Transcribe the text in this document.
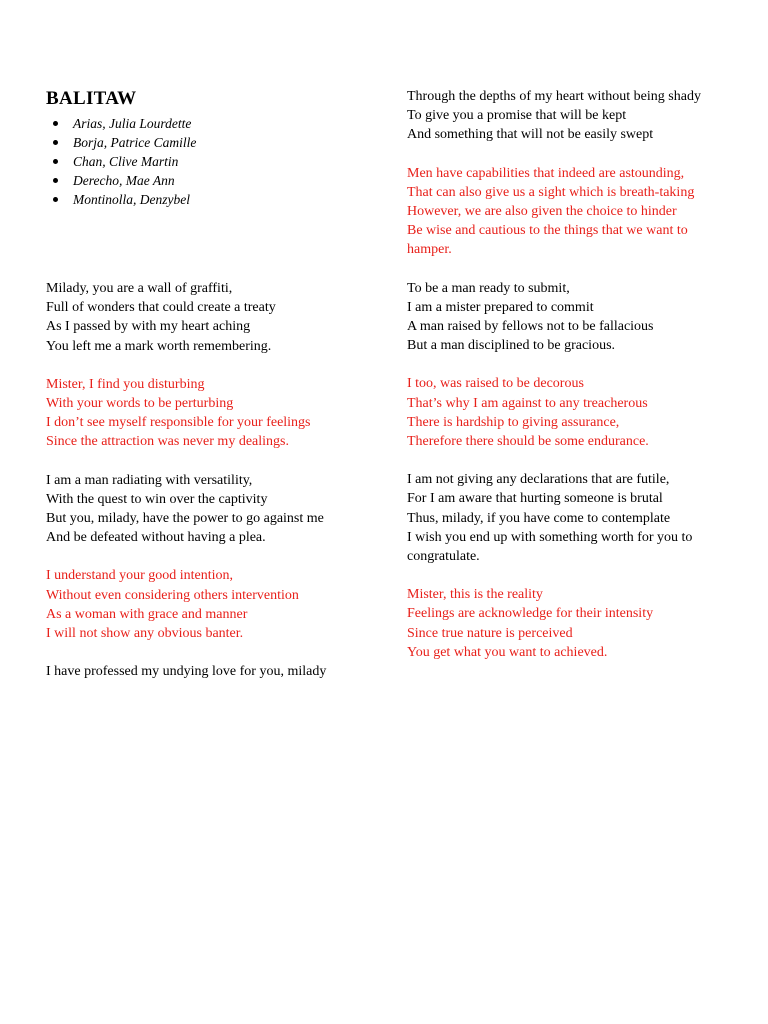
BALITAW
Arias, Julia Lourdette
Borja, Patrice Camille
Chan, Clive Martin
Derecho, Mae Ann
Montinolla, Denzybel
Milady, you are a wall of graffiti,
Full of wonders that could create a treaty
As I passed by with my heart aching
You left me a mark worth remembering.
Mister, I find you disturbing
With your words to be perturbing
I don’t see myself responsible for your feelings
Since the attraction was never my dealings.
I am a man radiating with versatility,
With the quest to win over the captivity
But you, milady, have the power to go against me
And be defeated without having a plea.
I understand your good intention,
Without even considering others intervention
As a woman with grace and manner
I will not show any obvious banter.
I have professed my undying love for you, milady
Through the depths of my heart without being shady
To give you a promise that will be kept
And something that will not be easily swept
Men have capabilities that indeed are astounding,
That can also give us a sight which is breath-taking
However, we are also given the choice to hinder
Be wise and cautious to the things that we want to hamper.
To be a man ready to submit,
I am a mister prepared to commit
A man raised by fellows not to be fallacious
But a man disciplined to be gracious.
I too, was raised to be decorous
That’s why I am against to any treacherous
There is hardship to giving assurance,
Therefore there should be some endurance.
I am not giving any declarations that are futile,
For I am aware that hurting someone is brutal
Thus, milady, if you have come to contemplate
I wish you end up with something worth for you to congratulate.
Mister, this is the reality
Feelings are acknowledge for their intensity
Since true nature is perceived
You get what you want to achieved.
